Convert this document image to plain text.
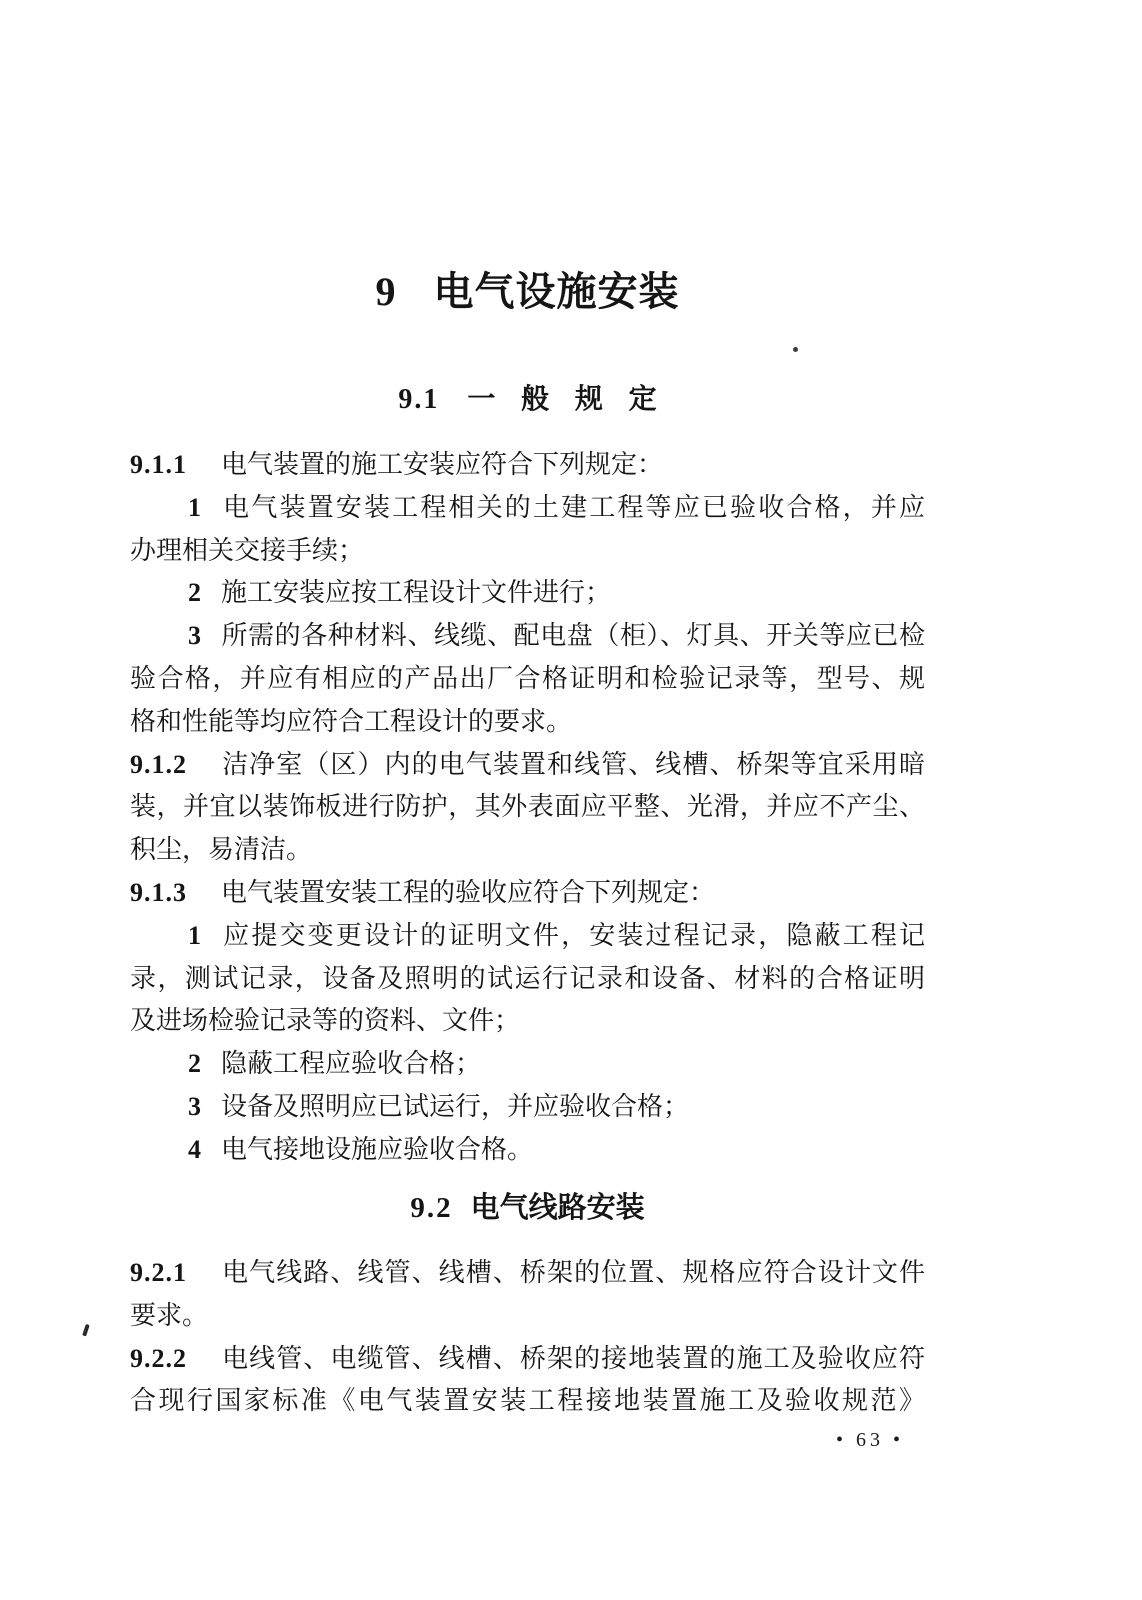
9 电气设施安装
9.1 一般规定
9.1.1 电气装置的施工安装应符合下列规定：
1 电气装置安装工程相关的土建工程等应已验收合格，并应
办理相关交接手续；
2 施工安装应按工程设计文件进行；
3 所需的各种材料、线缆、配电盘（柜）、灯具、开关等应已检
验合格，并应有相应的产品出厂合格证明和检验记录等，型号、规
格和性能等均应符合工程设计的要求。
9.1.2 洁净室（区）内的电气装置和线管、线槽、桥架等宜采用暗
装，并宜以装饰板进行防护，其外表面应平整、光滑，并应不产尘、
积尘，易清洁。
9.1.3 电气装置安装工程的验收应符合下列规定：
1 应提交变更设计的证明文件，安装过程记录，隐蔽工程记
录，测试记录，设备及照明的试运行记录和设备、材料的合格证明
及进场检验记录等的资料、文件；
2 隐蔽工程应验收合格；
3 设备及照明应已试运行，并应验收合格；
4 电气接地设施应验收合格。
9.2 电气线路安装
9.2.1 电气线路、线管、线槽、桥架的位置、规格应符合设计文件
要求。
9.2.2 电线管、电缆管、线槽、桥架的接地装置的施工及验收应符
合现行国家标准《电气装置安装工程接地装置施工及验收规范》
• 63 •
